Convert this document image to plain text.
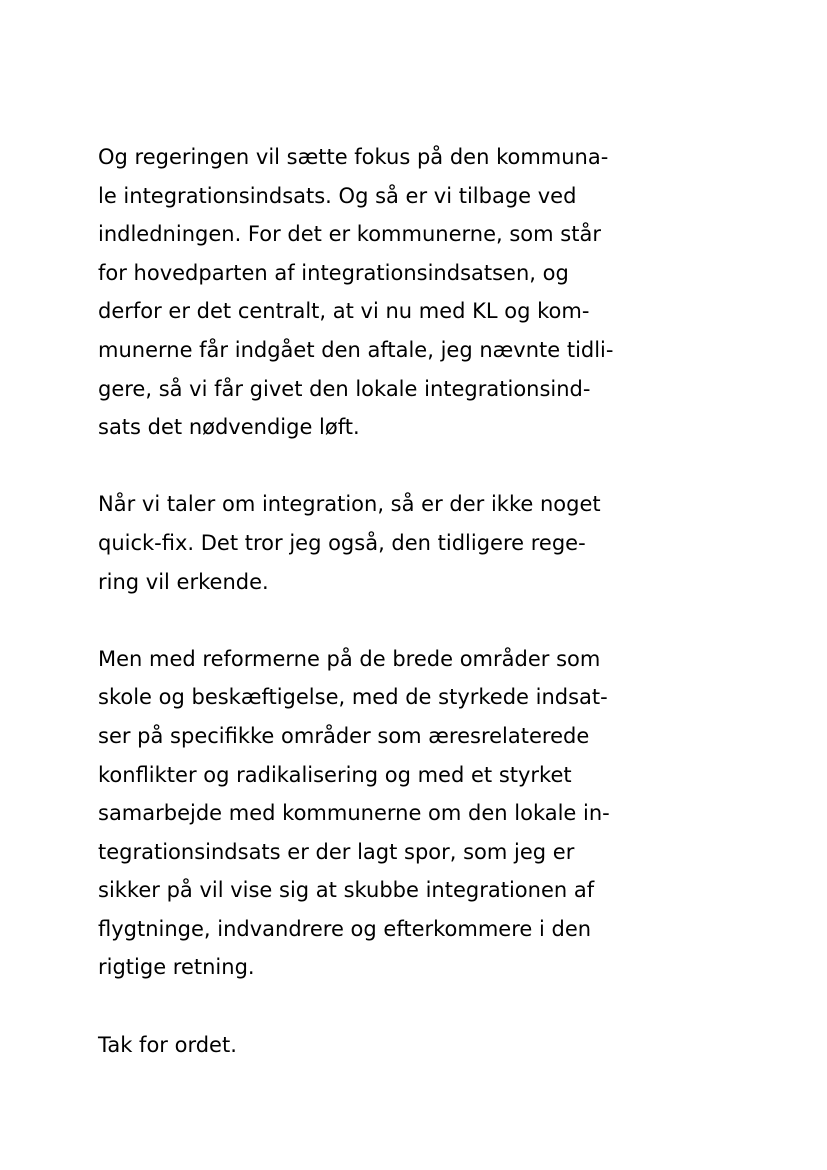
Og regeringen vil sætte fokus på den kommuna-
le integrationsindsats. Og så er vi tilbage ved
indledningen. For det er kommunerne, som står
for hovedparten af integrationsindsatsen, og
derfor er det centralt, at vi nu med KL og kom-
munerne får indgået den aftale, jeg nævnte tidli-
gere, så vi får givet den lokale integrationsind-
sats det nødvendige løft.

Når vi taler om integration, så er der ikke noget
quick-fix. Det tror jeg også, den tidligere rege-
ring vil erkende.

Men med reformerne på de brede områder som
skole og beskæftigelse, med de styrkede indsat-
ser på specifikke områder som æresrelaterede
konflikter og radikalisering og med et styrket
samarbejde med kommunerne om den lokale in-
tegrationsindsats er der lagt spor, som jeg er
sikker på vil vise sig at skubbe integrationen af
flygtninge, indvandrere og efterkommere i den
rigtige retning.

Tak for ordet.
